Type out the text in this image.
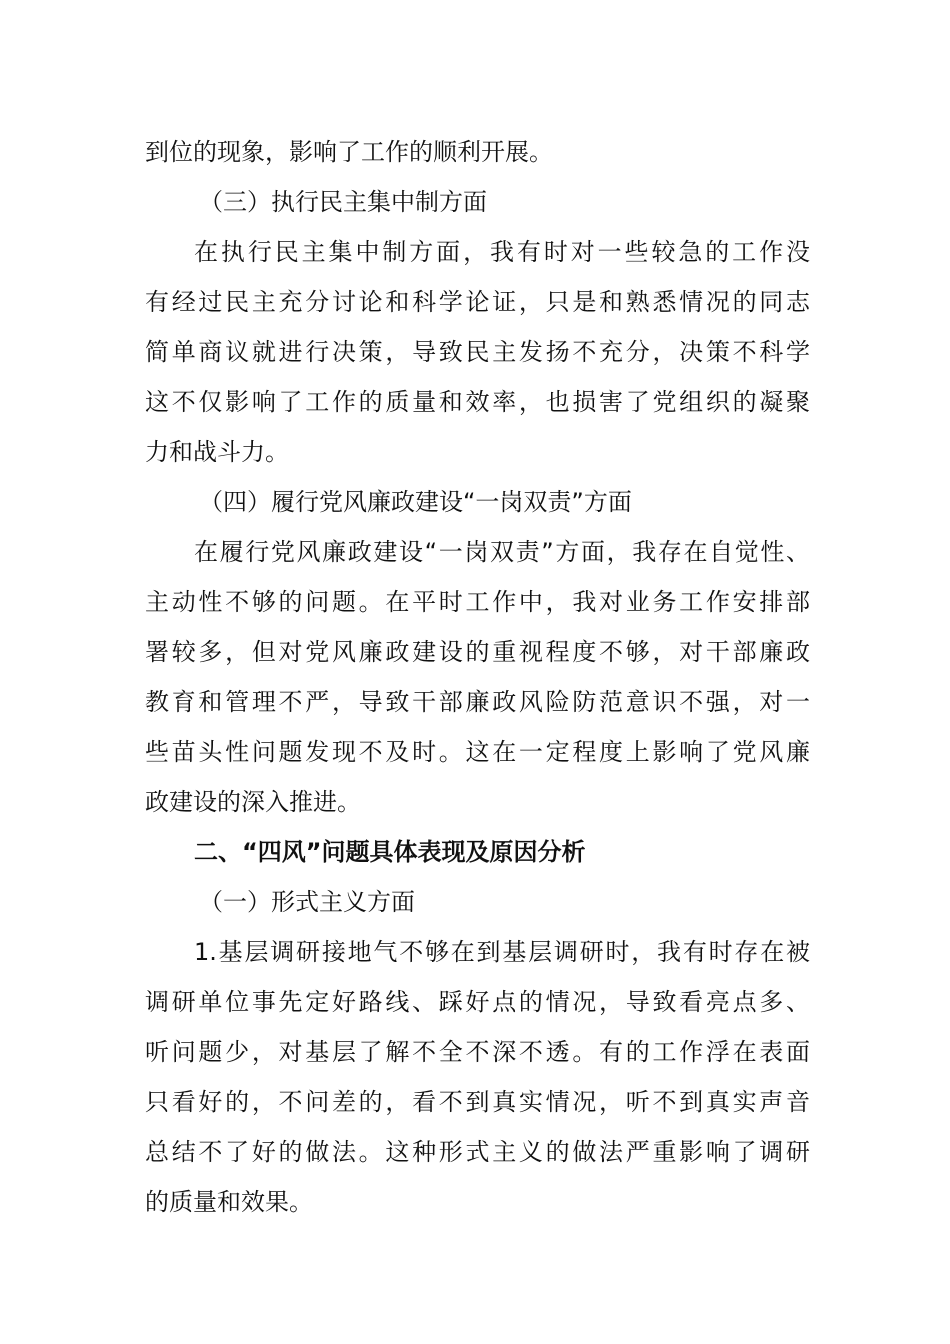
到位的现象，影响了工作的顺利开展。
（三）执行民主集中制方面
在执行民主集中制方面，我有时对一些较急的工作没
有经过民主充分讨论和科学论证，只是和熟悉情况的同志
简单商议就进行决策，导致民主发扬不充分，决策不科学
这不仅影响了工作的质量和效率，也损害了党组织的凝聚
力和战斗力。
（四）履行党风廉政建设“一岗双责”方面
在履行党风廉政建设“一岗双责”方面，我存在自觉性、
主动性不够的问题。在平时工作中，我对业务工作安排部
署较多，但对党风廉政建设的重视程度不够，对干部廉政
教育和管理不严，导致干部廉政风险防范意识不强，对一
些苗头性问题发现不及时。这在一定程度上影响了党风廉
政建设的深入推进。
二、“四风”问题具体表现及原因分析
（一）形式主义方面
1.基层调研接地气不够在到基层调研时，我有时存在被
调研单位事先定好路线、踩好点的情况，导致看亮点多、
听问题少，对基层了解不全不深不透。有的工作浮在表面
只看好的，不问差的，看不到真实情况，听不到真实声音
总结不了好的做法。这种形式主义的做法严重影响了调研
的质量和效果。
